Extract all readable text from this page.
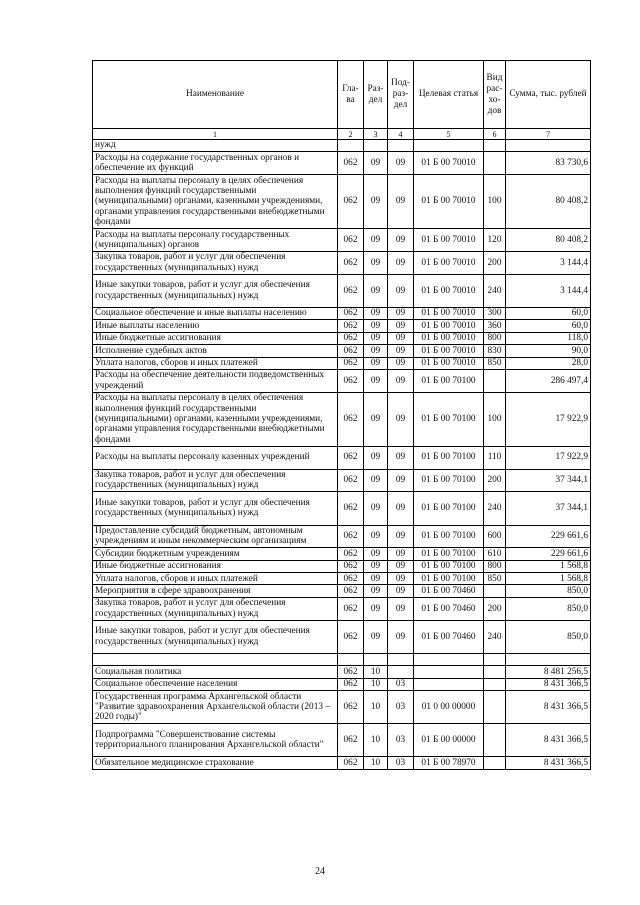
Наименование	Гла-ва	Раз-дел	Под-раз-дел	Целевая статья	Вид рас-хо-дов	Сумма, тыс. рублей
1	2	3	4	5	6	7
нужд						
Расходы на содержание государственных органов и обеспечение их функций	062	09	09	01 Б 00 70010		83 730,6
Расходы на выплаты персоналу в целях обеспечения выполнения функций государственными (муниципальными) органами, казенными учреждениями, органами управления государственными внебюджетными фондами	062	09	09	01 Б 00 70010	100	80 408,2
Расходы на выплаты персоналу государственных (муниципальных) органов	062	09	09	01 Б 00 70010	120	80 408,2
Закупка товаров, работ и услуг для обеспечения государственных (муниципальных) нужд	062	09	09	01 Б 00 70010	200	3 144,4
Иные закупки товаров, работ и услуг для обеспечения государственных (муниципальных) нужд	062	09	09	01 Б 00 70010	240	3 144,4
Социальное обеспечение и иные выплаты населению	062	09	09	01 Б 00 70010	300	60,0
Иные выплаты населению	062	09	09	01 Б 00 70010	360	60,0
Иные бюджетные ассигнования	062	09	09	01 Б 00 70010	800	118,0
Исполнение судебных актов	062	09	09	01 Б 00 70010	830	90,0
Уплата налогов, сборов и иных платежей	062	09	09	01 Б 00 70010	850	28,0
Расходы на обеспечение деятельности подведомственных учреждений	062	09	09	01 Б 00 70100		286 497,4
Расходы на выплаты персоналу в целях обеспечения выполнения функций государственными (муниципальными) органами, казенными учреждениями, органами управления государственными внебюджетными фондами	062	09	09	01 Б 00 70100	100	17 922,9
Расходы на выплаты персоналу казенных учреждений	062	09	09	01 Б 00 70100	110	17 922,9
Закупка товаров, работ и услуг для обеспечения государственных (муниципальных) нужд	062	09	09	01 Б 00 70100	200	37 344,1
Иные закупки товаров, работ и услуг для обеспечения государственных (муниципальных) нужд	062	09	09	01 Б 00 70100	240	37 344,1
Предоставление субсидий бюджетным, автономным учреждениям и иным некоммерческим организациям	062	09	09	01 Б 00 70100	600	229 661,6
Субсидии бюджетным учреждениям	062	09	09	01 Б 00 70100	610	229 661,6
Иные бюджетные ассигнования	062	09	09	01 Б 00 70100	800	1 568,8
Уплата налогов, сборов и иных платежей	062	09	09	01 Б 00 70100	850	1 568,8
Мероприятия в сфере здравоохранения	062	09	09	01 Б 00 70460		850,0
Закупка товаров, работ и услуг для обеспечения государственных (муниципальных) нужд	062	09	09	01 Б 00 70460	200	850,0
Иные закупки товаров, работ и услуг для обеспечения государственных (муниципальных) нужд	062	09	09	01 Б 00 70460	240	850,0

Социальная политика	062	10				8 481 256,5
Социальное обеспечение населения	062	10	03			8 431 366,5
Государственная программа Архангельской области "Развитие здравоохранения Архангельской области (2013 – 2020 годы)"	062	10	03	01 0 00 00000		8 431 366,5
Подпрограмма "Совершенствование системы территориального планирования Архангельской области"	062	10	03	01 Б 00 00000		8 431 366,5
Обязательное медицинское страхование	062	10	03	01 Б 00 78970		8 431 366,5
24
